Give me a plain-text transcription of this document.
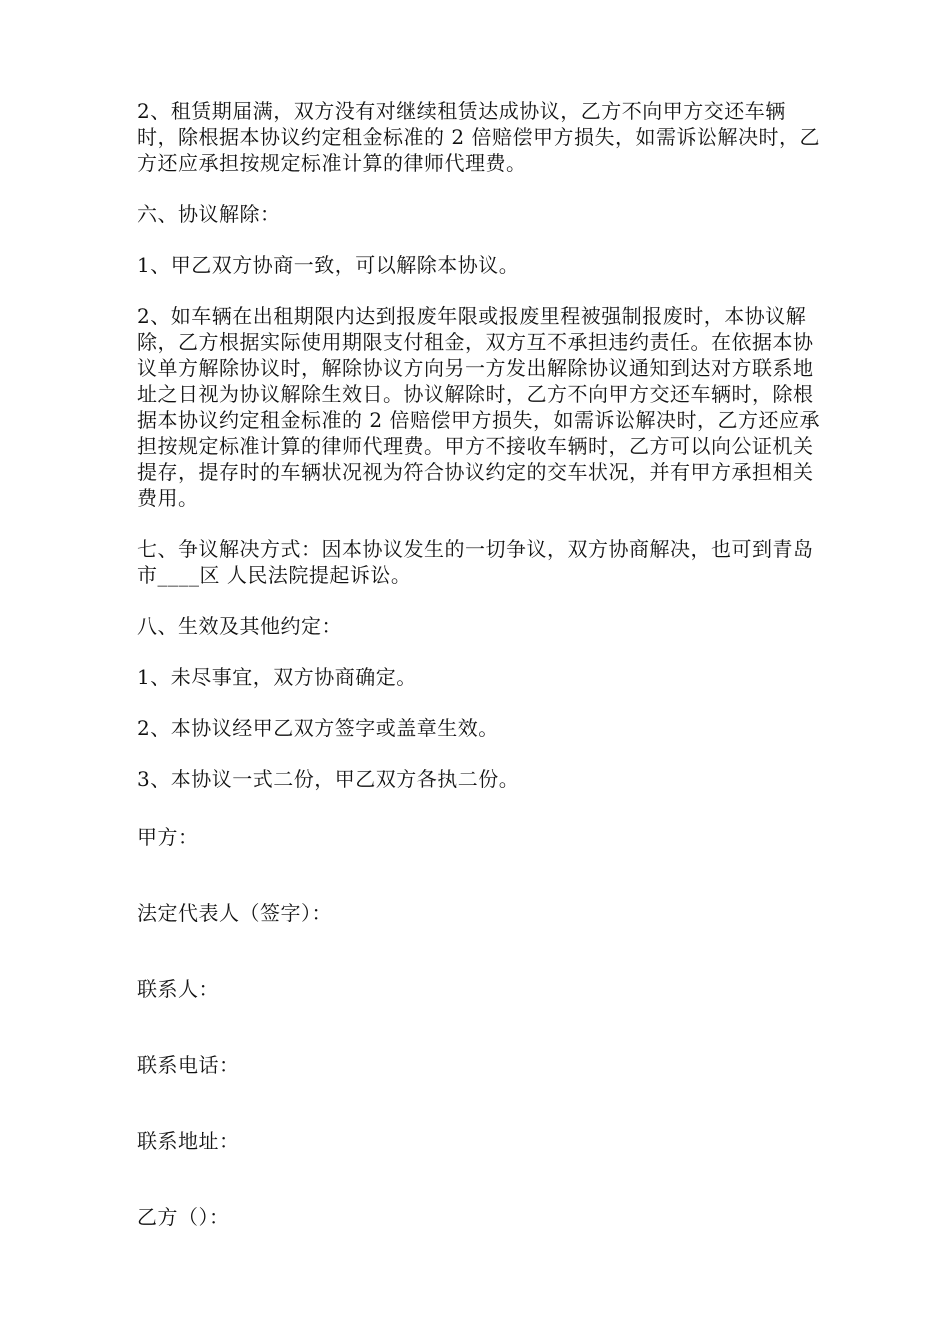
2、租赁期届满，双方没有对继续租赁达成协议，乙方不向甲方交还车辆时，除根据本协议约定租金标准的 2 倍赔偿甲方损失，如需诉讼解决时，乙方还应承担按规定标准计算的律师代理费。

六、协议解除：

1、甲乙双方协商一致，可以解除本协议。

2、如车辆在出租期限内达到报废年限或报废里程被强制报废时，本协议解除，乙方根据实际使用期限支付租金，双方互不承担违约责任。在依据本协议单方解除协议时，解除协议方向另一方发出解除协议通知到达对方联系地址之日视为协议解除生效日。协议解除时，乙方不向甲方交还车辆时，除根据本协议约定租金标准的 2 倍赔偿甲方损失，如需诉讼解决时，乙方还应承担按规定标准计算的律师代理费。甲方不接收车辆时，乙方可以向公证机关提存，提存时的车辆状况视为符合协议约定的交车状况，并有甲方承担相关费用。

七、争议解决方式：因本协议发生的一切争议，双方协商解决，也可到青岛 市____区 人民法院提起诉讼。

八、生效及其他约定：

1、未尽事宜，双方协商确定。

2、本协议经甲乙双方签字或盖章生效。

3、本协议一式二份，甲乙双方各执二份。

甲方：

法定代表人（签字）：

联系人：

联系电话：

联系地址：

乙方（）：
